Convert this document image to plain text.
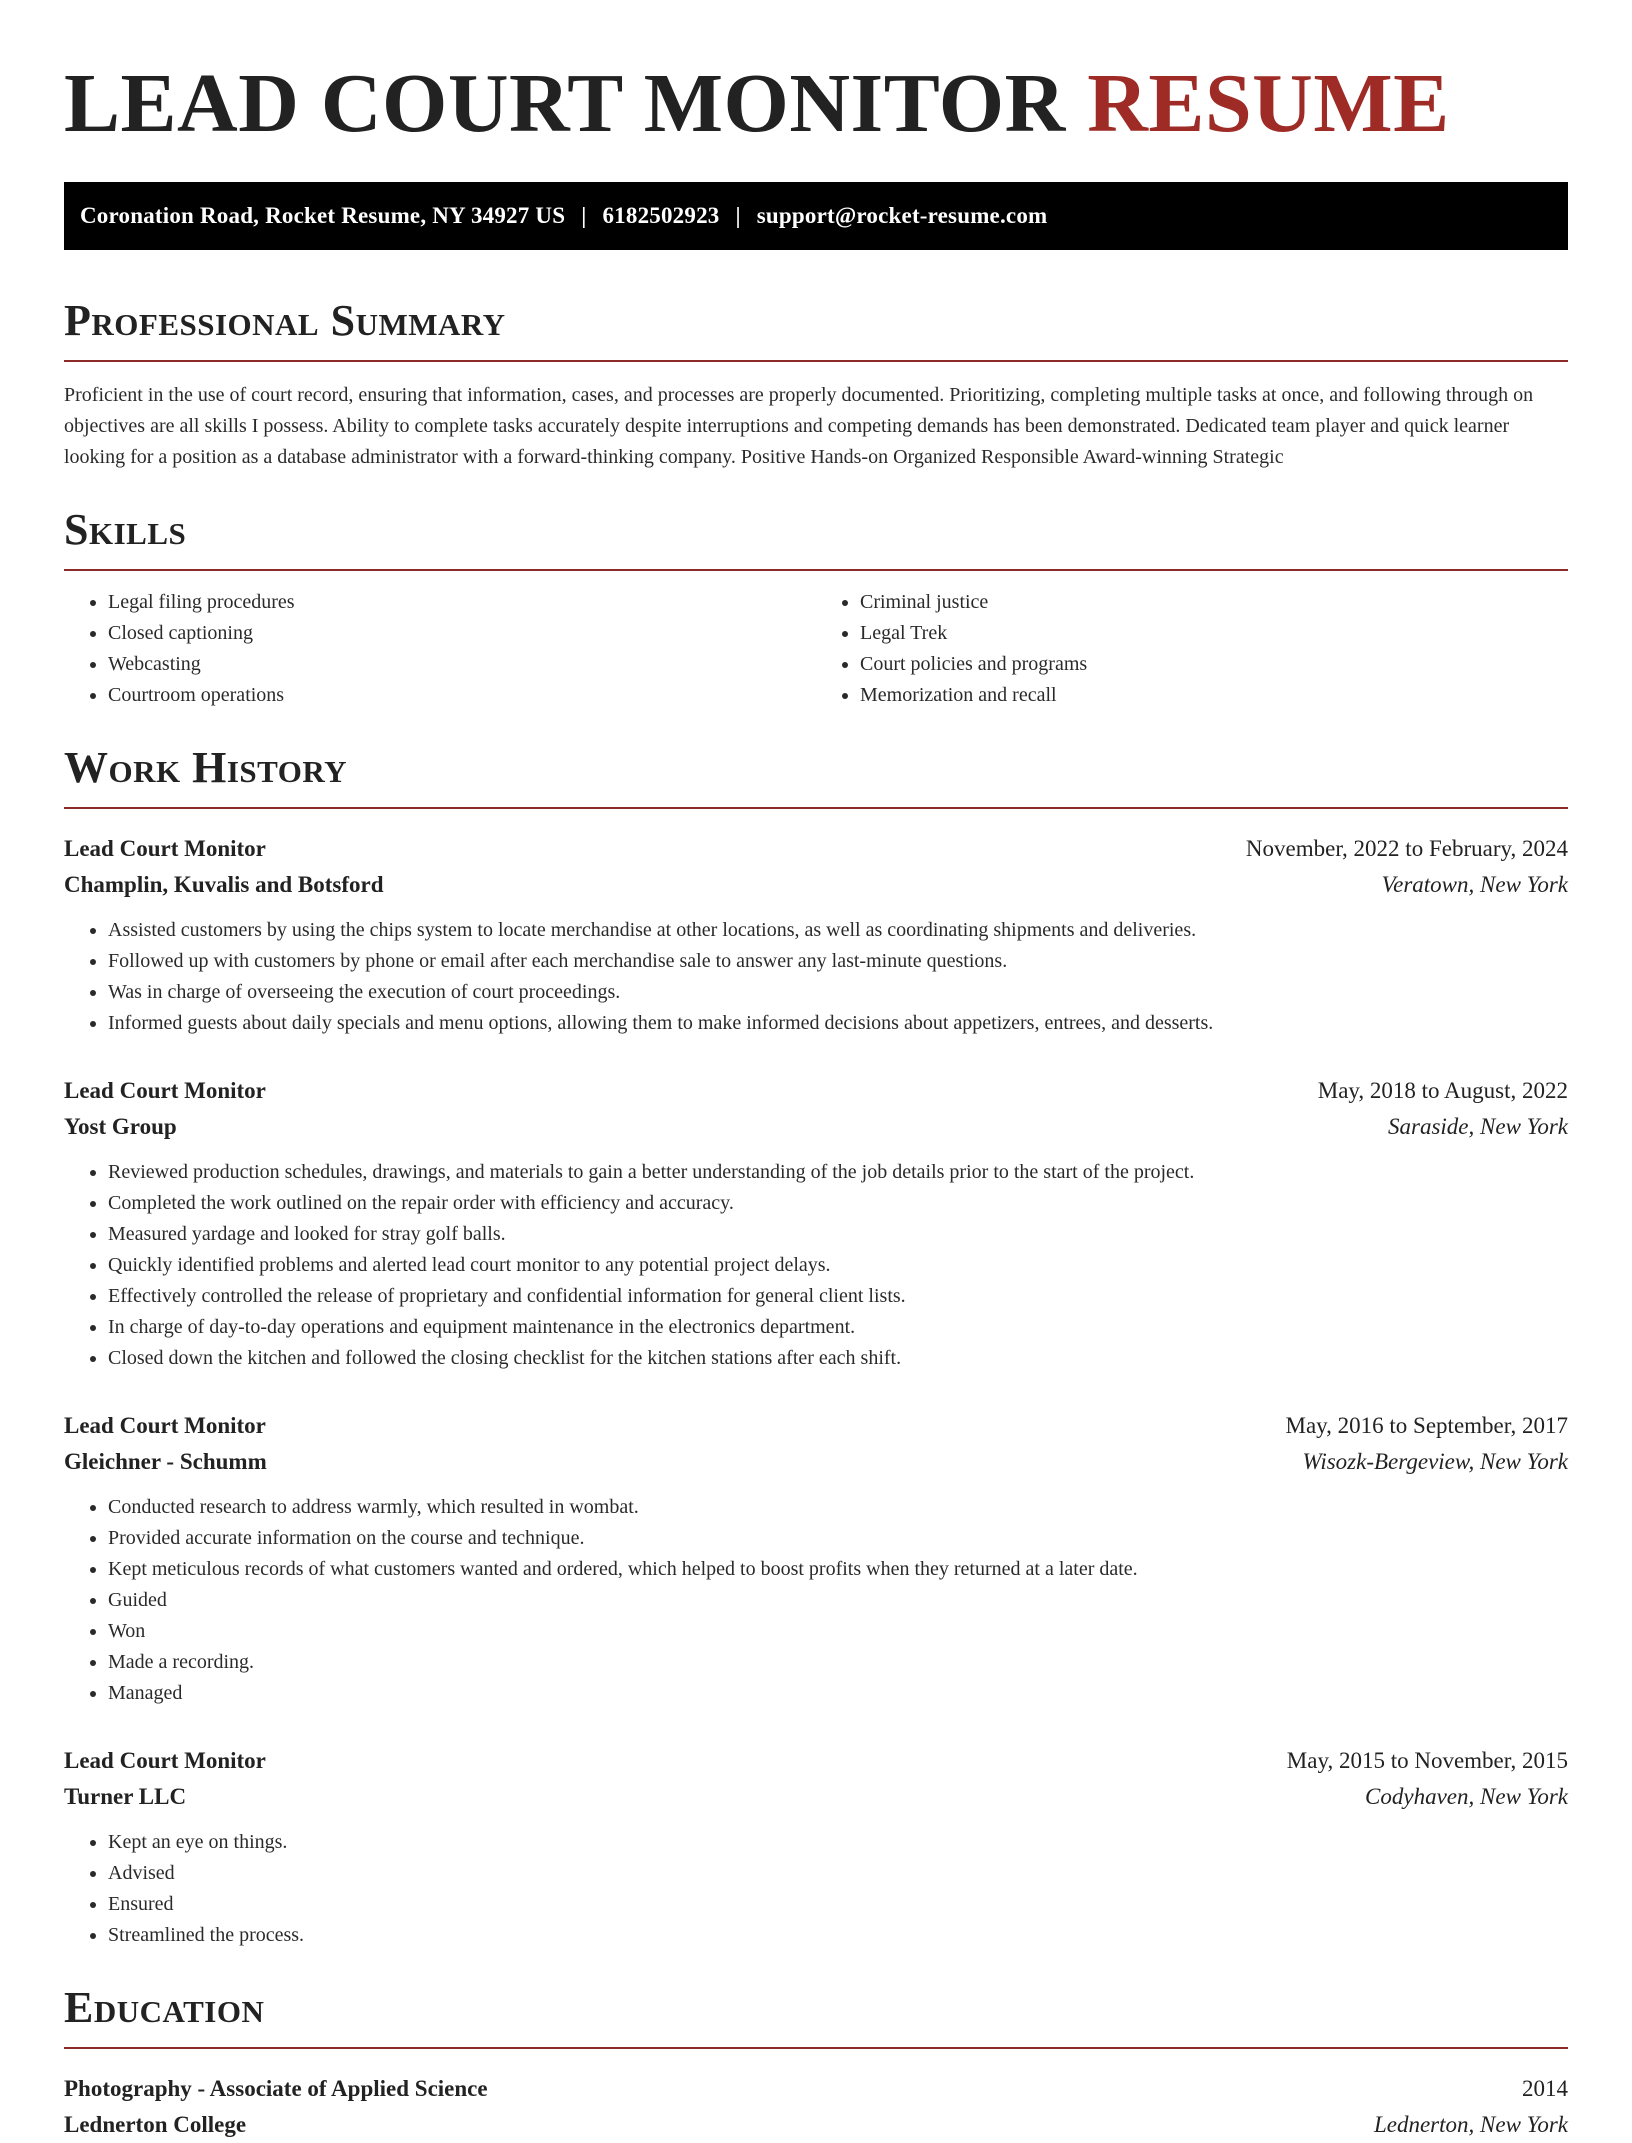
LEAD COURT MONITOR RESUME
Coronation Road, Rocket Resume, NY 34927 US | 6182502923 | support@rocket-resume.com
Professional Summary

Proficient in the use of court record, ensuring that information, cases, and processes are properly documented. Prioritizing, completing multiple tasks at once, and following through on objectives are all skills I possess. Ability to complete tasks accurately despite interruptions and competing demands has been demonstrated. Dedicated team player and quick learner looking for a position as a database administrator with a forward-thinking company. Positive Hands-on Organized Responsible Award-winning Strategic

Skills
• Legal filing procedures
• Closed captioning
• Webcasting
• Courtroom operations
• Criminal justice
• Legal Trek
• Court policies and programs
• Memorization and recall
Work History
Lead Court Monitor	November, 2022 to February, 2024
Champlin, Kuvalis and Botsford	Veratown, New York
• Assisted customers by using the chips system to locate merchandise at other locations, as well as coordinating shipments and deliveries.
• Followed up with customers by phone or email after each merchandise sale to answer any last-minute questions.
• Was in charge of overseeing the execution of court proceedings.
• Informed guests about daily specials and menu options, allowing them to make informed decisions about appetizers, entrees, and desserts.
Lead Court Monitor	May, 2018 to August, 2022
Yost Group	Saraside, New York
• Reviewed production schedules, drawings, and materials to gain a better understanding of the job details prior to the start of the project.
• Completed the work outlined on the repair order with efficiency and accuracy.
• Measured yardage and looked for stray golf balls.
• Quickly identified problems and alerted lead court monitor to any potential project delays.
• Effectively controlled the release of proprietary and confidential information for general client lists.
• In charge of day-to-day operations and equipment maintenance in the electronics department.
• Closed down the kitchen and followed the closing checklist for the kitchen stations after each shift.
Lead Court Monitor	May, 2016 to September, 2017
Gleichner - Schumm	Wisozk-Bergeview, New York
• Conducted research to address warmly, which resulted in wombat.
• Provided accurate information on the course and technique.
• Kept meticulous records of what customers wanted and ordered, which helped to boost profits when they returned at a later date.
• Guided
• Won
• Made a recording.
• Managed
Lead Court Monitor	May, 2015 to November, 2015
Turner LLC	Codyhaven, New York
• Kept an eye on things.
• Advised
• Ensured
• Streamlined the process.
Education
Photography - Associate of Applied Science	2014
Lednerton College	Lednerton, New York
